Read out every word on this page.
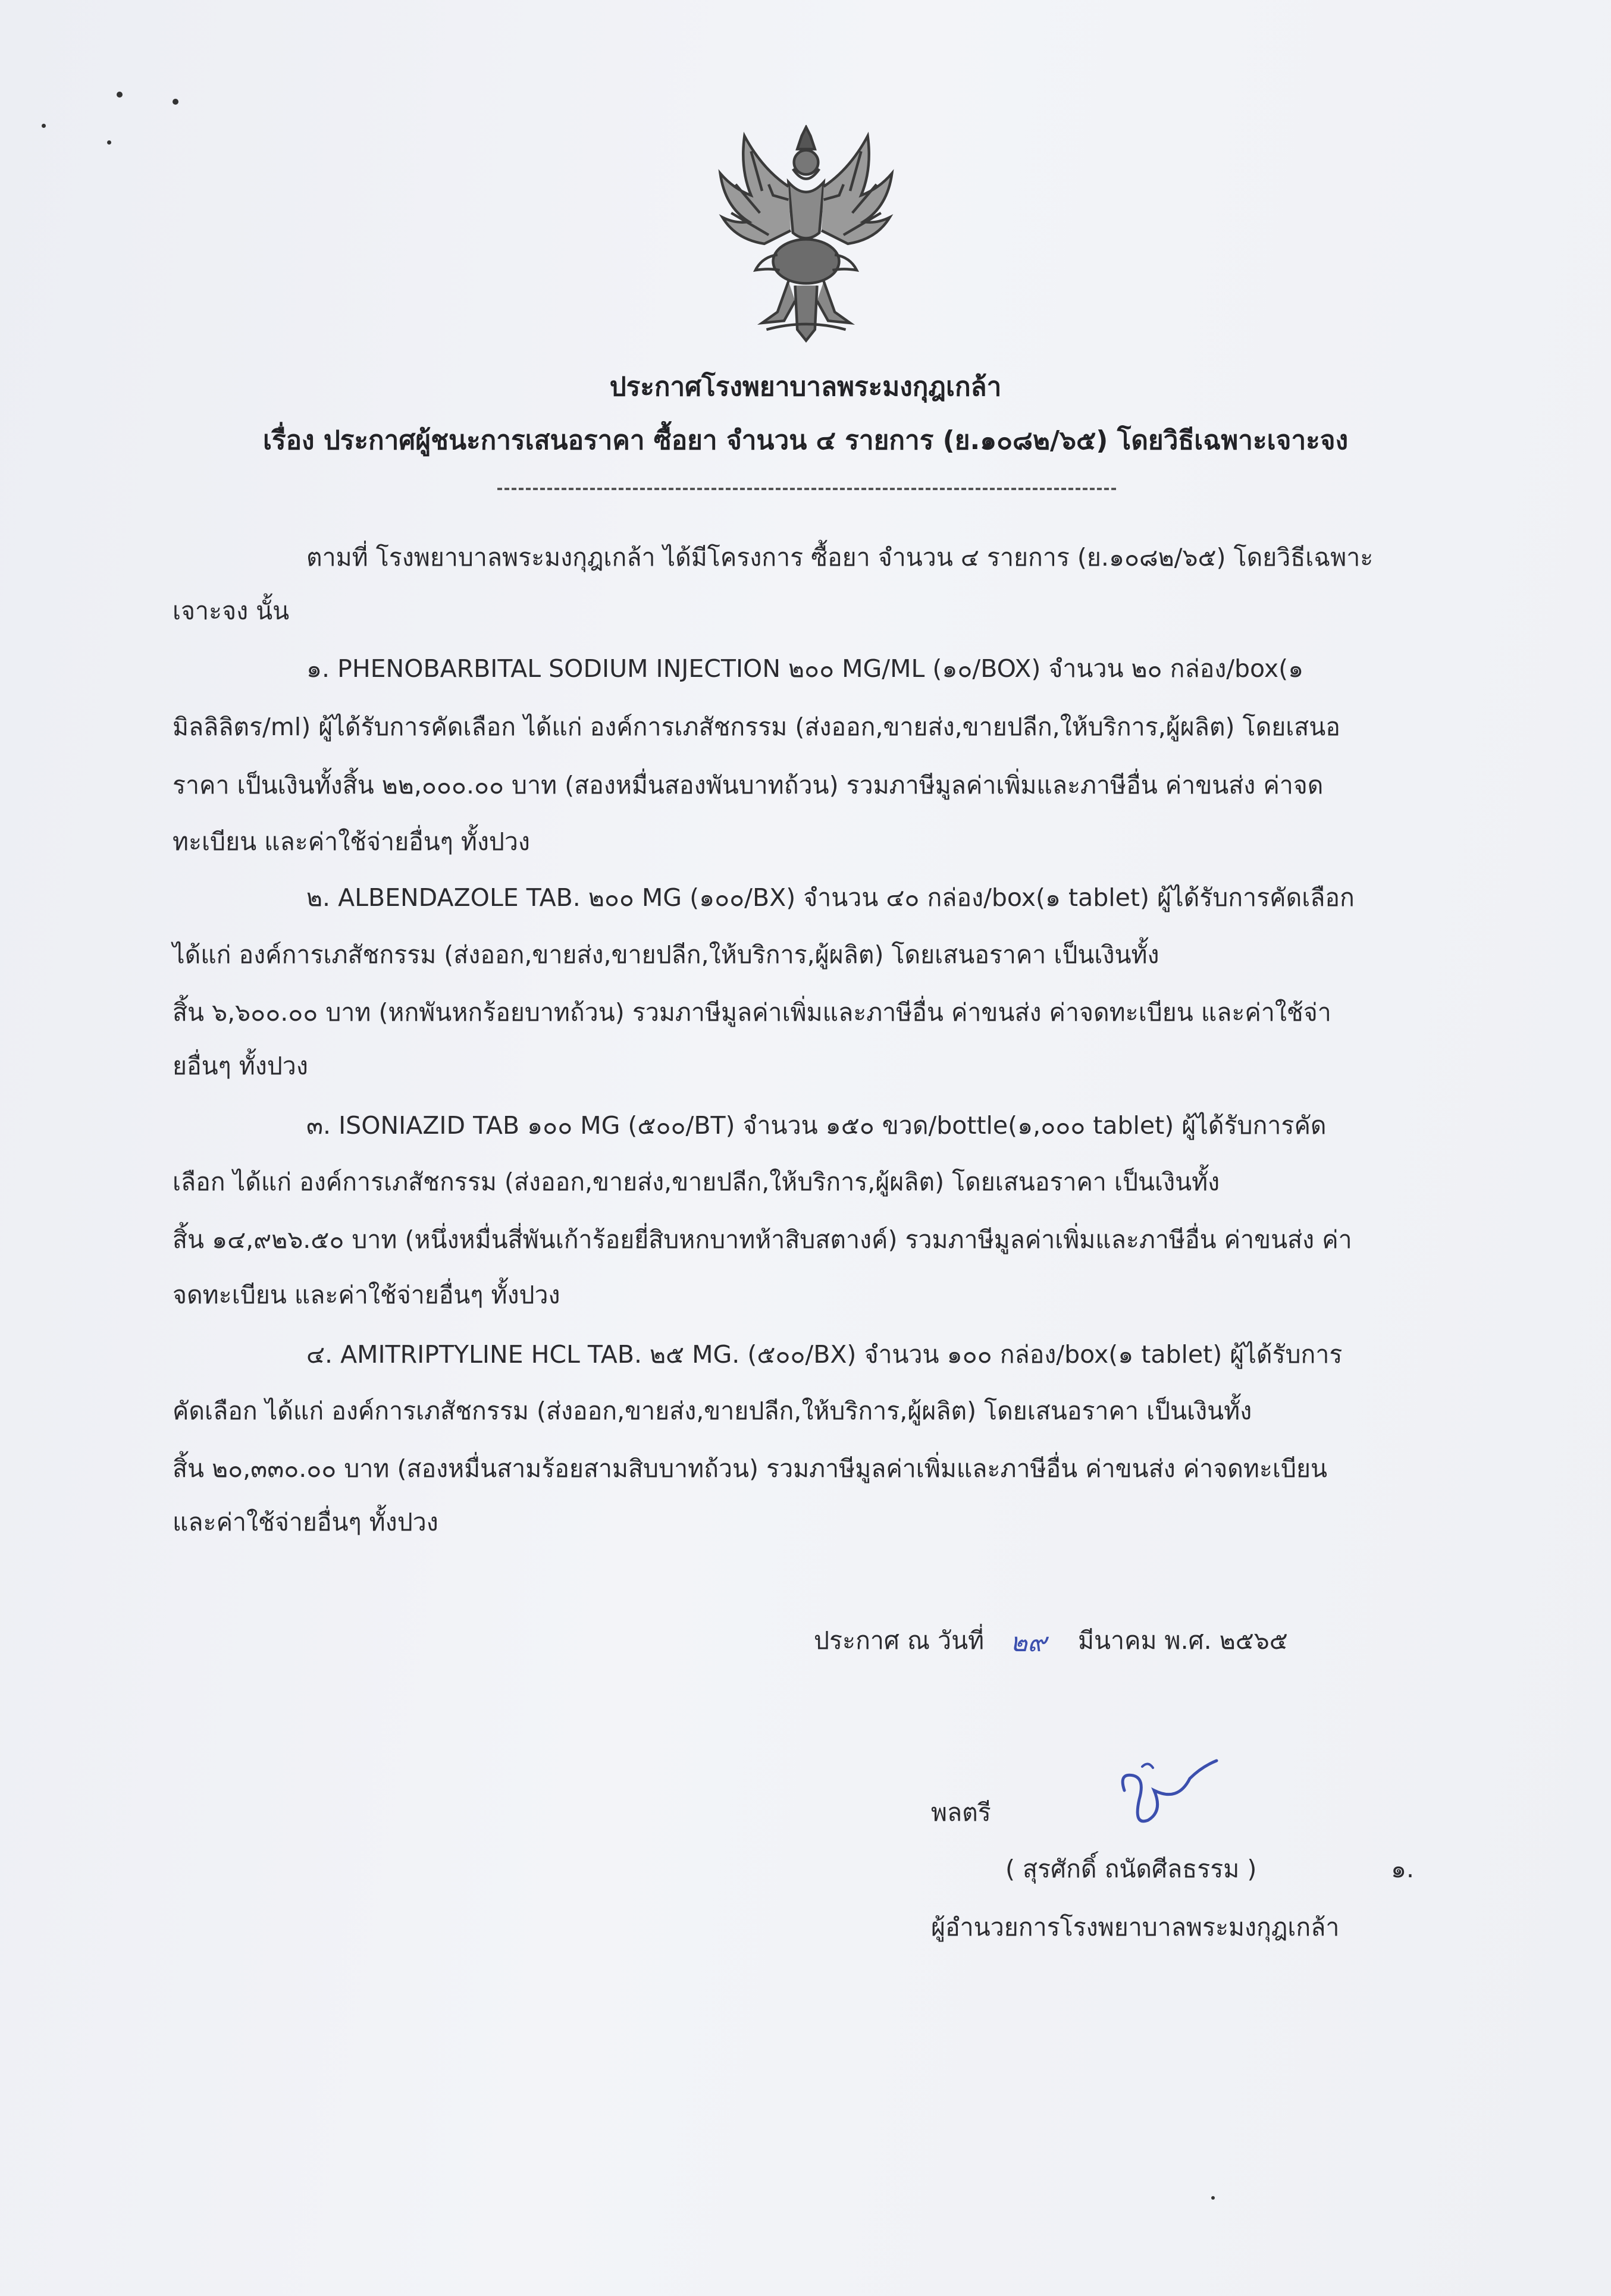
ประกาศโรงพยาบาลพระมงกุฎเกล้า
เรื่อง ประกาศผู้ชนะการเสนอราคา ซื้อยา จำนวน ๔ รายการ (ย.๑๐๘๒/๖๕) โดยวิธีเฉพาะเจาะจง
ตามที่ โรงพยาบาลพระมงกุฎเกล้า ได้มีโครงการ ซื้อยา จำนวน ๔ รายการ (ย.๑๐๘๒/๖๕) โดยวิธีเฉพาะ
เจาะจง นั้น
๑. PHENOBARBITAL SODIUM INJECTION ๒๐๐ MG/ML (๑๐/BOX) จำนวน ๒๐ กล่อง/box(๑
มิลลิลิตร/ml) ผู้ได้รับการคัดเลือก ได้แก่ องค์การเภสัชกรรม (ส่งออก,ขายส่ง,ขายปลีก,ให้บริการ,ผู้ผลิต) โดยเสนอ
ราคา เป็นเงินทั้งสิ้น ๒๒,๐๐๐.๐๐ บาท (สองหมื่นสองพันบาทถ้วน) รวมภาษีมูลค่าเพิ่มและภาษีอื่น ค่าขนส่ง ค่าจด
ทะเบียน และค่าใช้จ่ายอื่นๆ ทั้งปวง
๒. ALBENDAZOLE TAB. ๒๐๐ MG (๑๐๐/BX) จำนวน ๔๐ กล่อง/box(๑ tablet) ผู้ได้รับการคัดเลือก
ได้แก่ องค์การเภสัชกรรม (ส่งออก,ขายส่ง,ขายปลีก,ให้บริการ,ผู้ผลิต) โดยเสนอราคา เป็นเงินทั้ง
สิ้น ๖,๖๐๐.๐๐ บาท (หกพันหกร้อยบาทถ้วน) รวมภาษีมูลค่าเพิ่มและภาษีอื่น ค่าขนส่ง ค่าจดทะเบียน และค่าใช้จ่า
ยอื่นๆ ทั้งปวง
๓. ISONIAZID TAB ๑๐๐ MG (๕๐๐/BT) จำนวน ๑๕๐ ขวด/bottle(๑,๐๐๐ tablet) ผู้ได้รับการคัด
เลือก ได้แก่ องค์การเภสัชกรรม (ส่งออก,ขายส่ง,ขายปลีก,ให้บริการ,ผู้ผลิต) โดยเสนอราคา เป็นเงินทั้ง
สิ้น ๑๔,๙๒๖.๕๐ บาท (หนึ่งหมื่นสี่พันเก้าร้อยยี่สิบหกบาทห้าสิบสตางค์) รวมภาษีมูลค่าเพิ่มและภาษีอื่น ค่าขนส่ง ค่า
จดทะเบียน และค่าใช้จ่ายอื่นๆ ทั้งปวง
๔. AMITRIPTYLINE HCL TAB. ๒๕ MG. (๕๐๐/BX) จำนวน ๑๐๐ กล่อง/box(๑ tablet) ผู้ได้รับการ
คัดเลือก ได้แก่ องค์การเภสัชกรรม (ส่งออก,ขายส่ง,ขายปลีก,ให้บริการ,ผู้ผลิต) โดยเสนอราคา เป็นเงินทั้ง
สิ้น ๒๐,๓๓๐.๐๐ บาท (สองหมื่นสามร้อยสามสิบบาทถ้วน) รวมภาษีมูลค่าเพิ่มและภาษีอื่น ค่าขนส่ง ค่าจดทะเบียน
และค่าใช้จ่ายอื่นๆ ทั้งปวง
ประกาศ ณ วันที่ ๒๙ มีนาคม พ.ศ. ๒๕๖๕
พลตรี
( สุรศักดิ์ ถนัดศีลธรรม )	๑.
ผู้อำนวยการโรงพยาบาลพระมงกุฎเกล้า
